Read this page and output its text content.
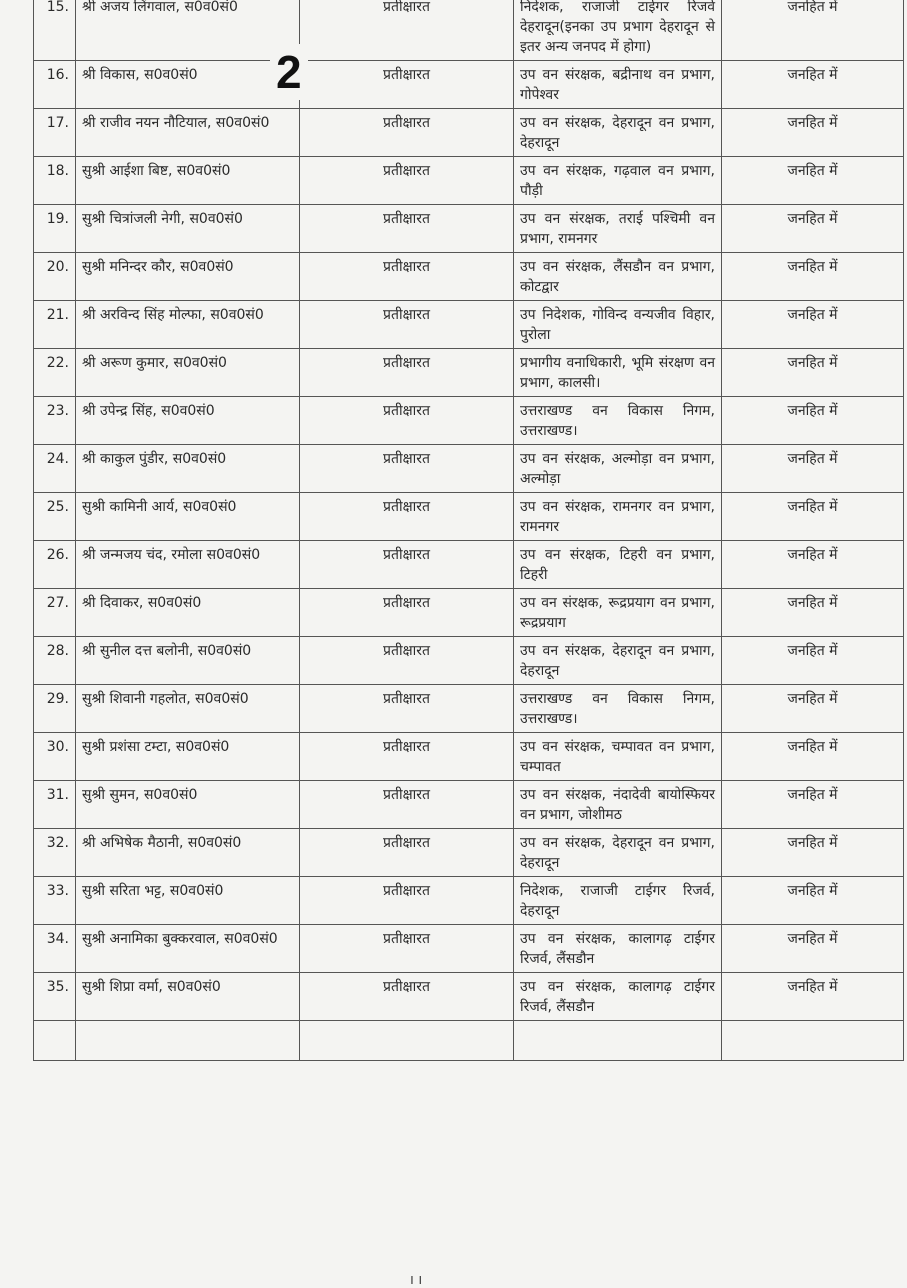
2
15.	श्री अजय लिंगवाल, स0व0सं0	प्रतीक्षारत	निदेशक, राजाजी टाईगर रिजर्व देहरादून(इनका उप प्रभाग देहरादून से इतर अन्य जनपद में होगा)	जनहित में
16.	श्री विकास, स0व0सं0	प्रतीक्षारत	उप वन संरक्षक, बद्रीनाथ वन प्रभाग, गोपेश्वर	जनहित में
17.	श्री राजीव नयन नौटियाल, स0व0सं0	प्रतीक्षारत	उप वन संरक्षक, देहरादून वन प्रभाग, देहरादून	जनहित में
18.	सुश्री आईशा बिष्ट, स0व0सं0	प्रतीक्षारत	उप वन संरक्षक, गढ़वाल वन प्रभाग, पौड़ी	जनहित में
19.	सुश्री चित्रांजली नेगी, स0व0सं0	प्रतीक्षारत	उप वन संरक्षक, तराई पश्चिमी वन प्रभाग, रामनगर	जनहित में
20.	सुश्री मनिन्दर कौर, स0व0सं0	प्रतीक्षारत	उप वन संरक्षक, लैंसडौन वन प्रभाग, कोटद्वार	जनहित में
21.	श्री अरविन्द सिंह मोल्फा, स0व0सं0	प्रतीक्षारत	उप निदेशक, गोविन्द वन्यजीव विहार, पुरोला	जनहित में
22.	श्री अरूण कुमार, स0व0सं0	प्रतीक्षारत	प्रभागीय वनाधिकारी, भूमि संरक्षण वन प्रभाग, कालसी।	जनहित में
23.	श्री उपेन्द्र सिंह, स0व0सं0	प्रतीक्षारत	उत्तराखण्ड वन विकास निगम, उत्तराखण्ड।	जनहित में
24.	श्री काकुल पुंडीर, स0व0सं0	प्रतीक्षारत	उप वन संरक्षक, अल्मोड़ा वन प्रभाग, अल्मोड़ा	जनहित में
25.	सुश्री कामिनी आर्य, स0व0सं0	प्रतीक्षारत	उप वन संरक्षक, रामनगर वन प्रभाग, रामनगर	जनहित में
26.	श्री जन्मजय चंद, रमोला स0व0सं0	प्रतीक्षारत	उप वन संरक्षक, टिहरी वन प्रभाग, टिहरी	जनहित में
27.	श्री दिवाकर, स0व0सं0	प्रतीक्षारत	उप वन संरक्षक, रूद्रप्रयाग वन प्रभाग, रूद्रप्रयाग	जनहित में
28.	श्री सुनील दत्त बलोनी, स0व0सं0	प्रतीक्षारत	उप वन संरक्षक, देहरादून वन प्रभाग, देहरादून	जनहित में
29.	सुश्री शिवानी गहलोत, स0व0सं0	प्रतीक्षारत	उत्तराखण्ड वन विकास निगम, उत्तराखण्ड।	जनहित में
30.	सुश्री प्रशंसा टम्टा, स0व0सं0	प्रतीक्षारत	उप वन संरक्षक, चम्पावत वन प्रभाग, चम्पावत	जनहित में
31.	सुश्री सुमन, स0व0सं0	प्रतीक्षारत	उप वन संरक्षक, नंदादेवी बायोस्फियर वन प्रभाग, जोशीमठ	जनहित में
32.	श्री अभिषेक मैठानी, स0व0सं0	प्रतीक्षारत	उप वन संरक्षक, देहरादून वन प्रभाग, देहरादून	जनहित में
33.	सुश्री सरिता भट्ट, स0व0सं0	प्रतीक्षारत	निदेशक, राजाजी टाईगर रिजर्व, देहरादून	जनहित में
34.	सुश्री अनामिका बुक्करवाल, स0व0सं0	प्रतीक्षारत	उप वन संरक्षक, कालागढ़ टाईगर रिजर्व, लैंसडौन	जनहित में
35.	सुश्री शिप्रा वर्मा, स0व0सं0	प्रतीक्षारत	उप वन संरक्षक, कालागढ़ टाईगर रिजर्व, लैंसडौन	जनहित में

ı ı
